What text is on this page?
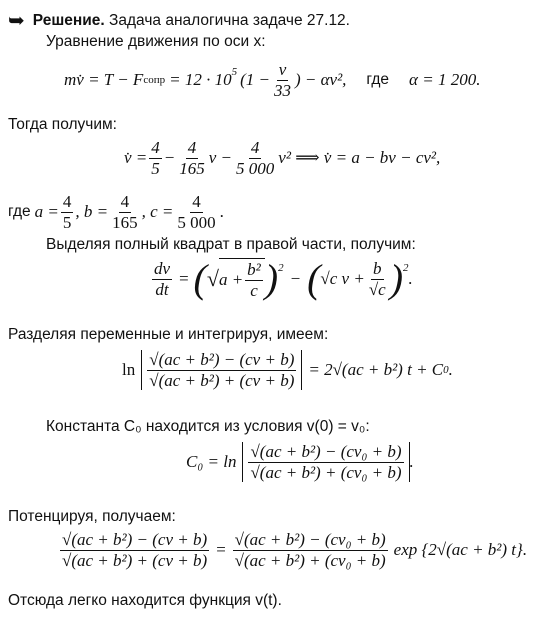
➥ Решение. Задача аналогична задаче 27.12.
Уравнение движения по оси x:
mv̇ = T − F сопр = $12 \cdot 10^5$ ($1 - \frac{v}{33}$ ) − αv², где α = 1 200.
Тогда получим:
v̇ = $\frac{4}{5} - \frac{4}{165}$ $v - \frac{4}{5 000} v^2$ ⟹ v̇ = a − bv − cv²,
где $a = \frac{4}{5}$ , $b = \frac{4}{165}$ , $c = \frac{4}{5 000}$ .
Выделяя полный квадрат в правой части, получим:
$\frac{dv}{dt}$ = ( √ $a + \frac{\text{b²}}{c} )^2$
− ( √c $v + \frac{b}{√c} )^2$
.
Разделяя переменные и интегрируя, имеем:
$\ln \frac{\text{√(ac + b²) − (cv + b)}}{\text{√(ac + b²) + (cv + b)}} = 2√(ac + b^2) t + C$ 0 .
Константа C₀ находится из условия v(0) = v₀:
$C_0 = \ln \frac{\text{√(ac + b²) − (cv₀ + b)}}{\text{√(ac + b²) + (cv₀ + b)}}$ .
Потенцируя, получаем:
$\frac{\text{√(ac + b²) − (cv + b)}}{\text{√(ac + b²) + (cv + b)}} = \frac{\text{√(ac + b²) − (cv₀ + b)}}{\text{√(ac + b²) + (cv₀ + b)}}$ exp {2√(ac + b²) t}.
Отсюда легко находится функция v(t).
